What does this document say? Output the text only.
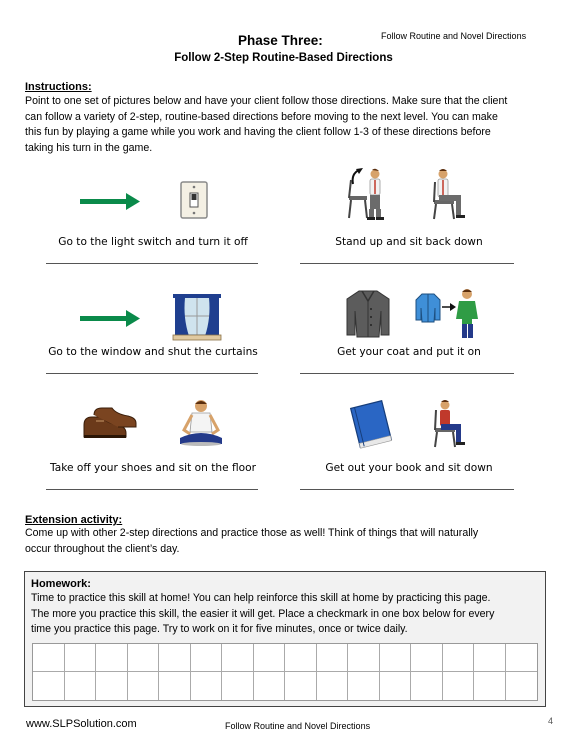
Phase Three:	Follow Routine and Novel Directions
Follow 2-Step Routine-Based Directions
Instructions:
Point to one set of pictures below and have your client follow those directions. Make sure that the client
can follow a variety of 2-step, routine-based directions before moving to the next level. You can make
this fun by playing a game while you work and having the client follow 1-3 of these directions before
taking his turn in the game.
Go to the light switch and turn it off	Stand up and sit back down
Go to the window and shut the curtains	Get your coat and put it on
Take off your shoes and sit on the floor	Get out your book and sit down
Extension activity:
Come up with other 2-step directions and practice those as well! Think of things that will naturally
occur throughout the client’s day.
Homework:
Time to practice this skill at home! You can help reinforce this skill at home by practicing this page.
The more you practice this skill, the easier it will get. Place a checkmark in one box below for every
time you practice this page. Try to work on it for five minutes, once or twice daily.
www.SLPSolution.com	Follow Routine and Novel Directions	4
